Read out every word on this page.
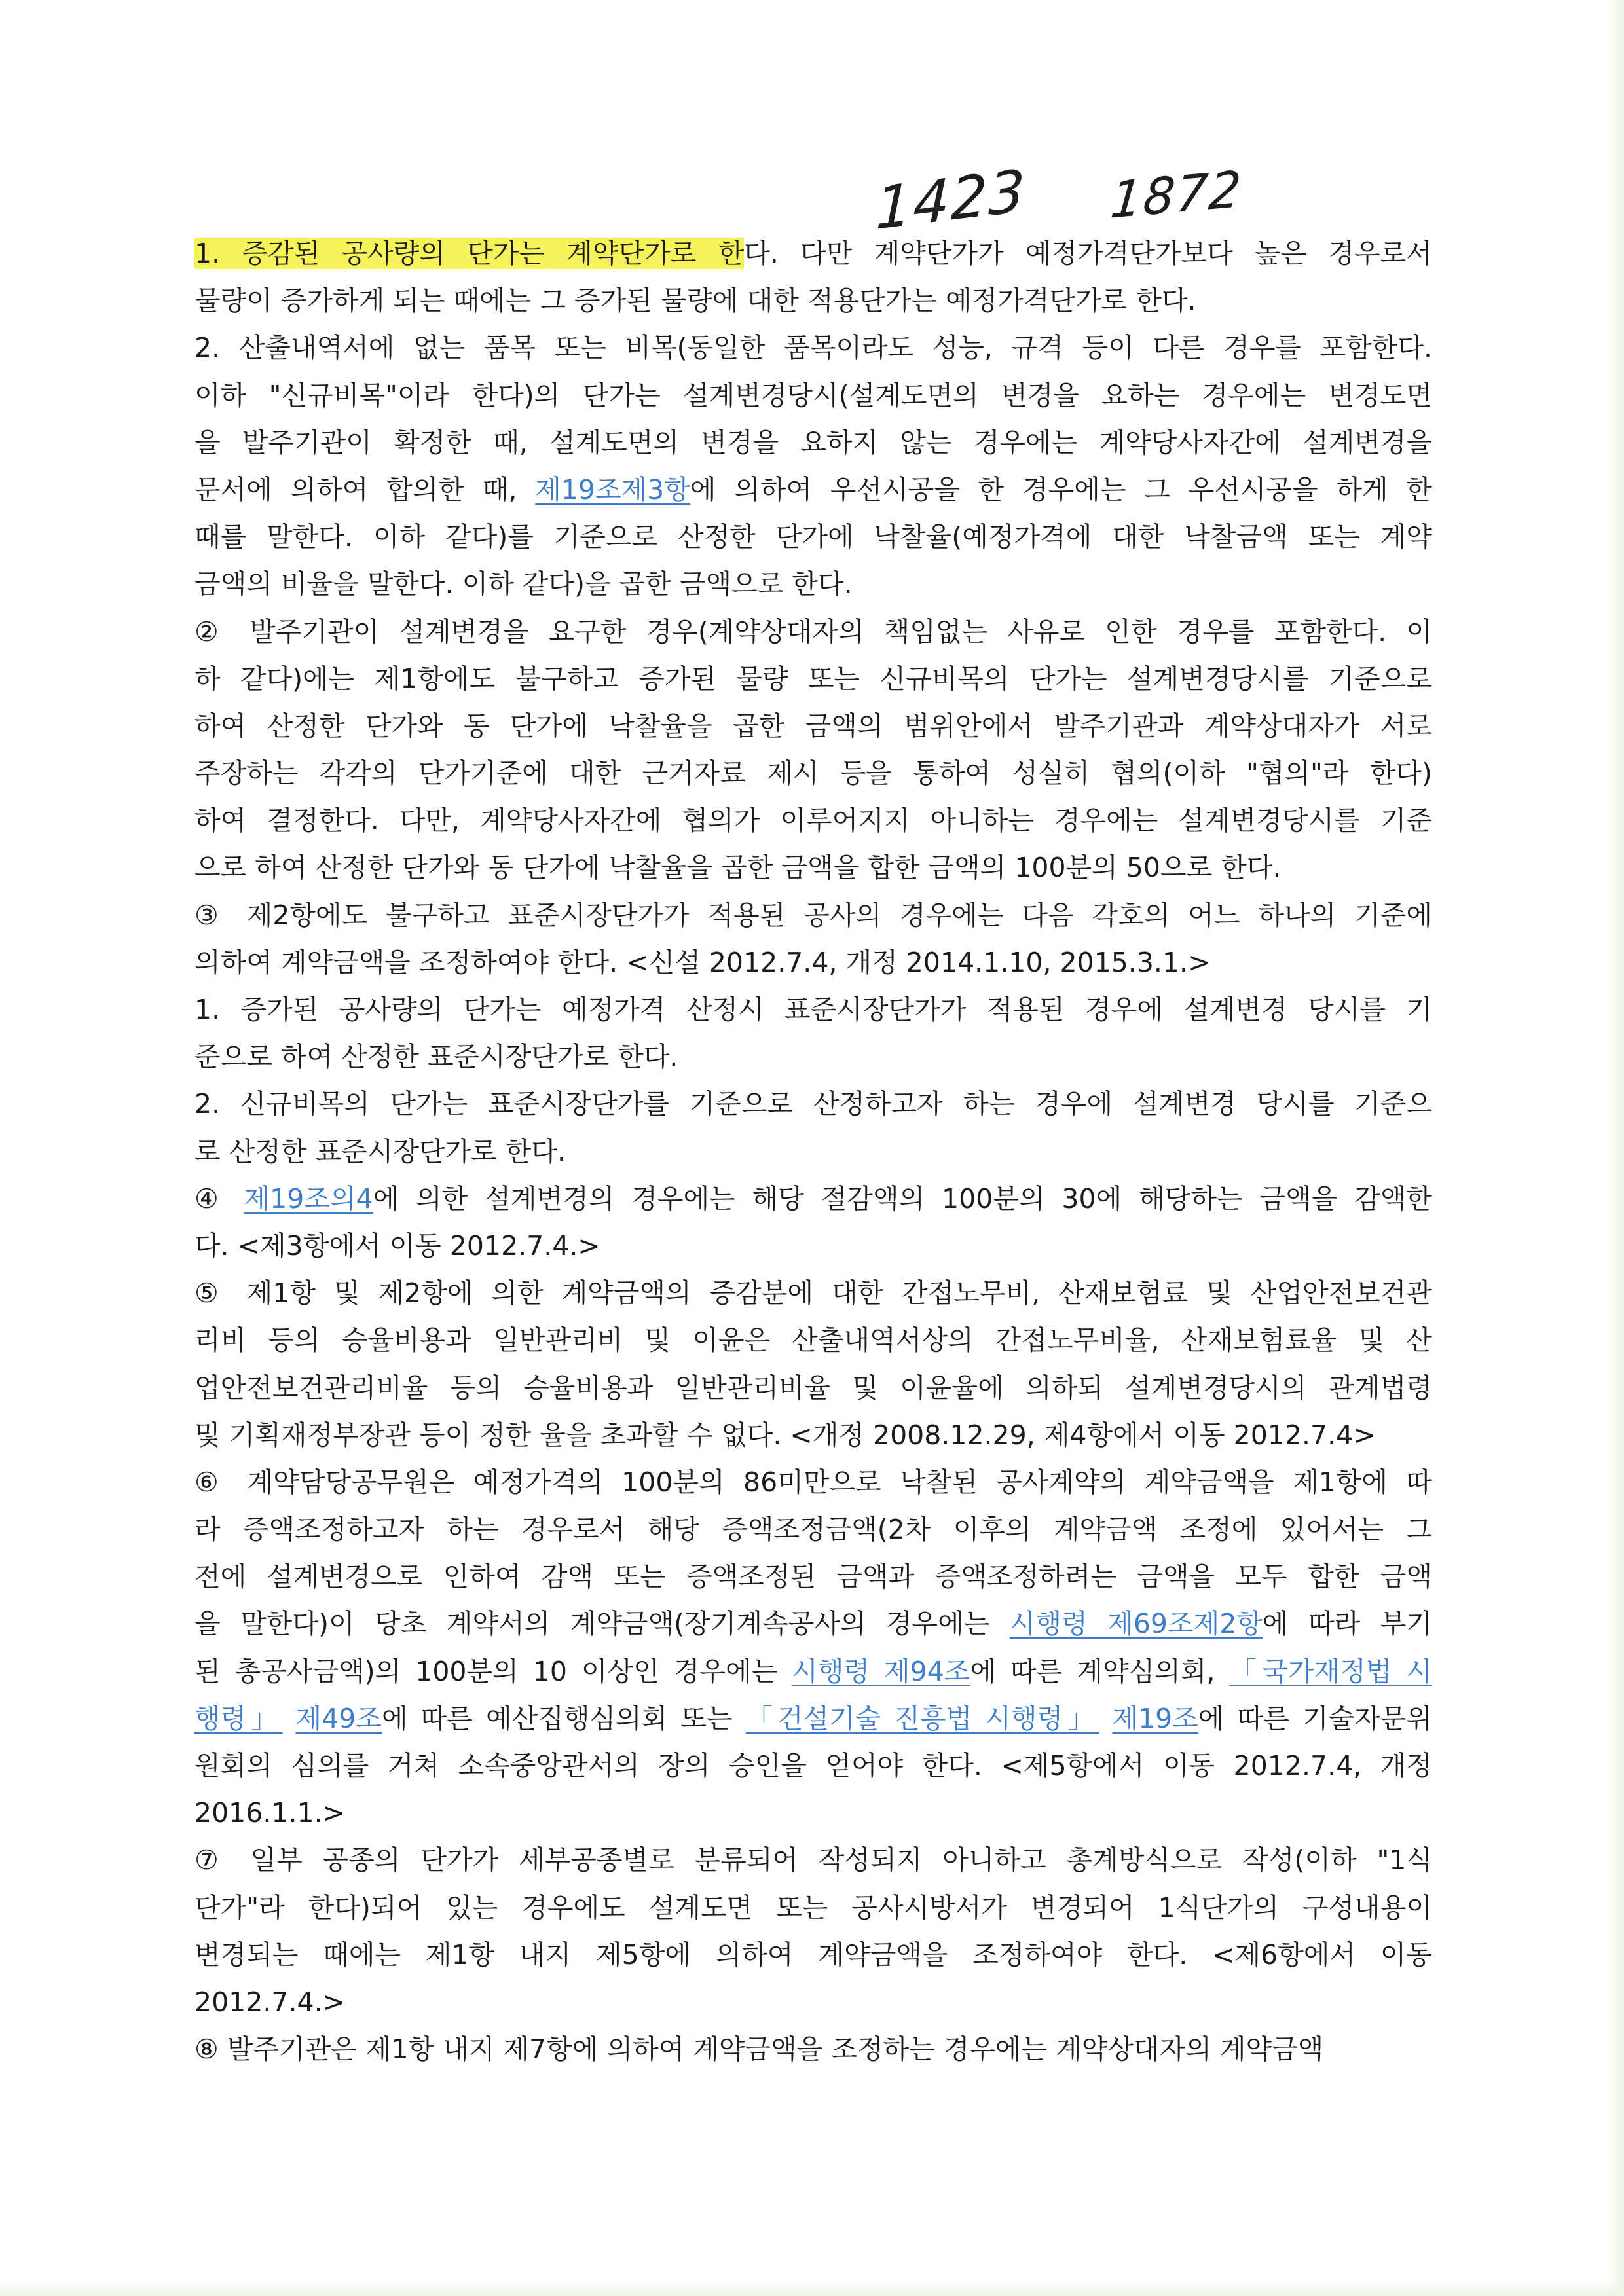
1423 1872
1. 증감된 공사량의 단가는 계약단가로 한다. 다만 계약단가가 예정가격단가보다 높은 경우로서
물량이 증가하게 되는 때에는 그 증가된 물량에 대한 적용단가는 예정가격단가로 한다.
2. 산출내역서에 없는 품목 또는 비목(동일한 품목이라도 성능, 규격 등이 다른 경우를 포함한다.
이하 "신규비목"이라 한다)의 단가는 설계변경당시(설계도면의 변경을 요하는 경우에는 변경도면
을 발주기관이 확정한 때, 설계도면의 변경을 요하지 않는 경우에는 계약당사자간에 설계변경을
문서에 의하여 합의한 때, 제19조제3항에 의하여 우선시공을 한 경우에는 그 우선시공을 하게 한
때를 말한다. 이하 같다)를 기준으로 산정한 단가에 낙찰율(예정가격에 대한 낙찰금액 또는 계약
금액의 비율을 말한다. 이하 같다)을 곱한 금액으로 한다.
② 발주기관이 설계변경을 요구한 경우(계약상대자의 책임없는 사유로 인한 경우를 포함한다. 이
하 같다)에는 제1항에도 불구하고 증가된 물량 또는 신규비목의 단가는 설계변경당시를 기준으로
하여 산정한 단가와 동 단가에 낙찰율을 곱한 금액의 범위안에서 발주기관과 계약상대자가 서로
주장하는 각각의 단가기준에 대한 근거자료 제시 등을 통하여 성실히 협의(이하 "협의"라 한다)
하여 결정한다. 다만, 계약당사자간에 협의가 이루어지지 아니하는 경우에는 설계변경당시를 기준
으로 하여 산정한 단가와 동 단가에 낙찰율을 곱한 금액을 합한 금액의 100분의 50으로 한다.
③ 제2항에도 불구하고 표준시장단가가 적용된 공사의 경우에는 다음 각호의 어느 하나의 기준에
의하여 계약금액을 조정하여야 한다. <신설 2012.7.4, 개정 2014.1.10, 2015.3.1.>
1. 증가된 공사량의 단가는 예정가격 산정시 표준시장단가가 적용된 경우에 설계변경 당시를 기
준으로 하여 산정한 표준시장단가로 한다.
2. 신규비목의 단가는 표준시장단가를 기준으로 산정하고자 하는 경우에 설계변경 당시를 기준으
로 산정한 표준시장단가로 한다.
④ 제19조의4에 의한 설계변경의 경우에는 해당 절감액의 100분의 30에 해당하는 금액을 감액한
다. <제3항에서 이동 2012.7.4.>
⑤ 제1항 및 제2항에 의한 계약금액의 증감분에 대한 간접노무비, 산재보험료 및 산업안전보건관
리비 등의 승율비용과 일반관리비 및 이윤은 산출내역서상의 간접노무비율, 산재보험료율 및 산
업안전보건관리비율 등의 승율비용과 일반관리비율 및 이윤율에 의하되 설계변경당시의 관계법령
및 기획재정부장관 등이 정한 율을 초과할 수 없다. <개정 2008.12.29, 제4항에서 이동 2012.7.4>
⑥ 계약담당공무원은 예정가격의 100분의 86미만으로 낙찰된 공사계약의 계약금액을 제1항에 따
라 증액조정하고자 하는 경우로서 해당 증액조정금액(2차 이후의 계약금액 조정에 있어서는 그
전에 설계변경으로 인하여 감액 또는 증액조정된 금액과 증액조정하려는 금액을 모두 합한 금액
을 말한다)이 당초 계약서의 계약금액(장기계속공사의 경우에는 시행령 제69조제2항에 따라 부기
된 총공사금액)의 100분의 10 이상인 경우에는 시행령 제94조에 따른 계약심의회, 「국가재정법 시
행령」 제49조에 따른 예산집행심의회 또는 「건설기술 진흥법 시행령」 제19조에 따른 기술자문위
원회의 심의를 거쳐 소속중앙관서의 장의 승인을 얻어야 한다. <제5항에서 이동 2012.7.4, 개정
2016.1.1.>
⑦ 일부 공종의 단가가 세부공종별로 분류되어 작성되지 아니하고 총계방식으로 작성(이하 "1식
단가"라 한다)되어 있는 경우에도 설계도면 또는 공사시방서가 변경되어 1식단가의 구성내용이
변경되는 때에는 제1항 내지 제5항에 의하여 계약금액을 조정하여야 한다. <제6항에서 이동
2012.7.4.>
⑧ 발주기관은 제1항 내지 제7항에 의하여 계약금액을 조정하는 경우에는 계약상대자의 계약금액
